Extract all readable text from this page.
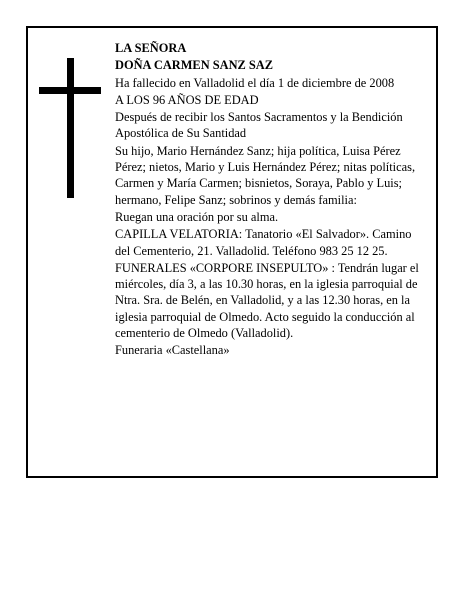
LA SEÑORA

DOÑA CARMEN SANZ SAZ

Ha fallecido en Valladolid el día 1 de diciembre de 2008

A LOS 96 AÑOS DE EDAD

Después de recibir los Santos Sacramentos y la Bendición Apostólica de Su Santidad

Su hijo, Mario Hernández Sanz; hija política, Luisa Pérez Pérez; nietos, Mario y Luis Hernández Pérez; nitas políticas, Carmen y María Carmen; bisnietos, Soraya, Pablo y Luis; hermano, Felipe Sanz; sobrinos y demás familia:

Ruegan una oración por su alma.

CAPILLA VELATORIA: Tanatorio «El Salvador». Camino del Cementerio, 21. Valladolid. Teléfono 983 25 12 25.

FUNERALES «CORPORE INSEPULTO» : Tendrán lugar el miércoles, día 3, a las 10.30 horas, en la iglesia parroquial de Ntra. Sra. de Belén, en Valladolid, y a las 12.30 horas, en la iglesia parroquial de Olmedo. Acto seguido la conducción al cementerio de Olmedo (Valladolid).

Funeraria «Castellana»
